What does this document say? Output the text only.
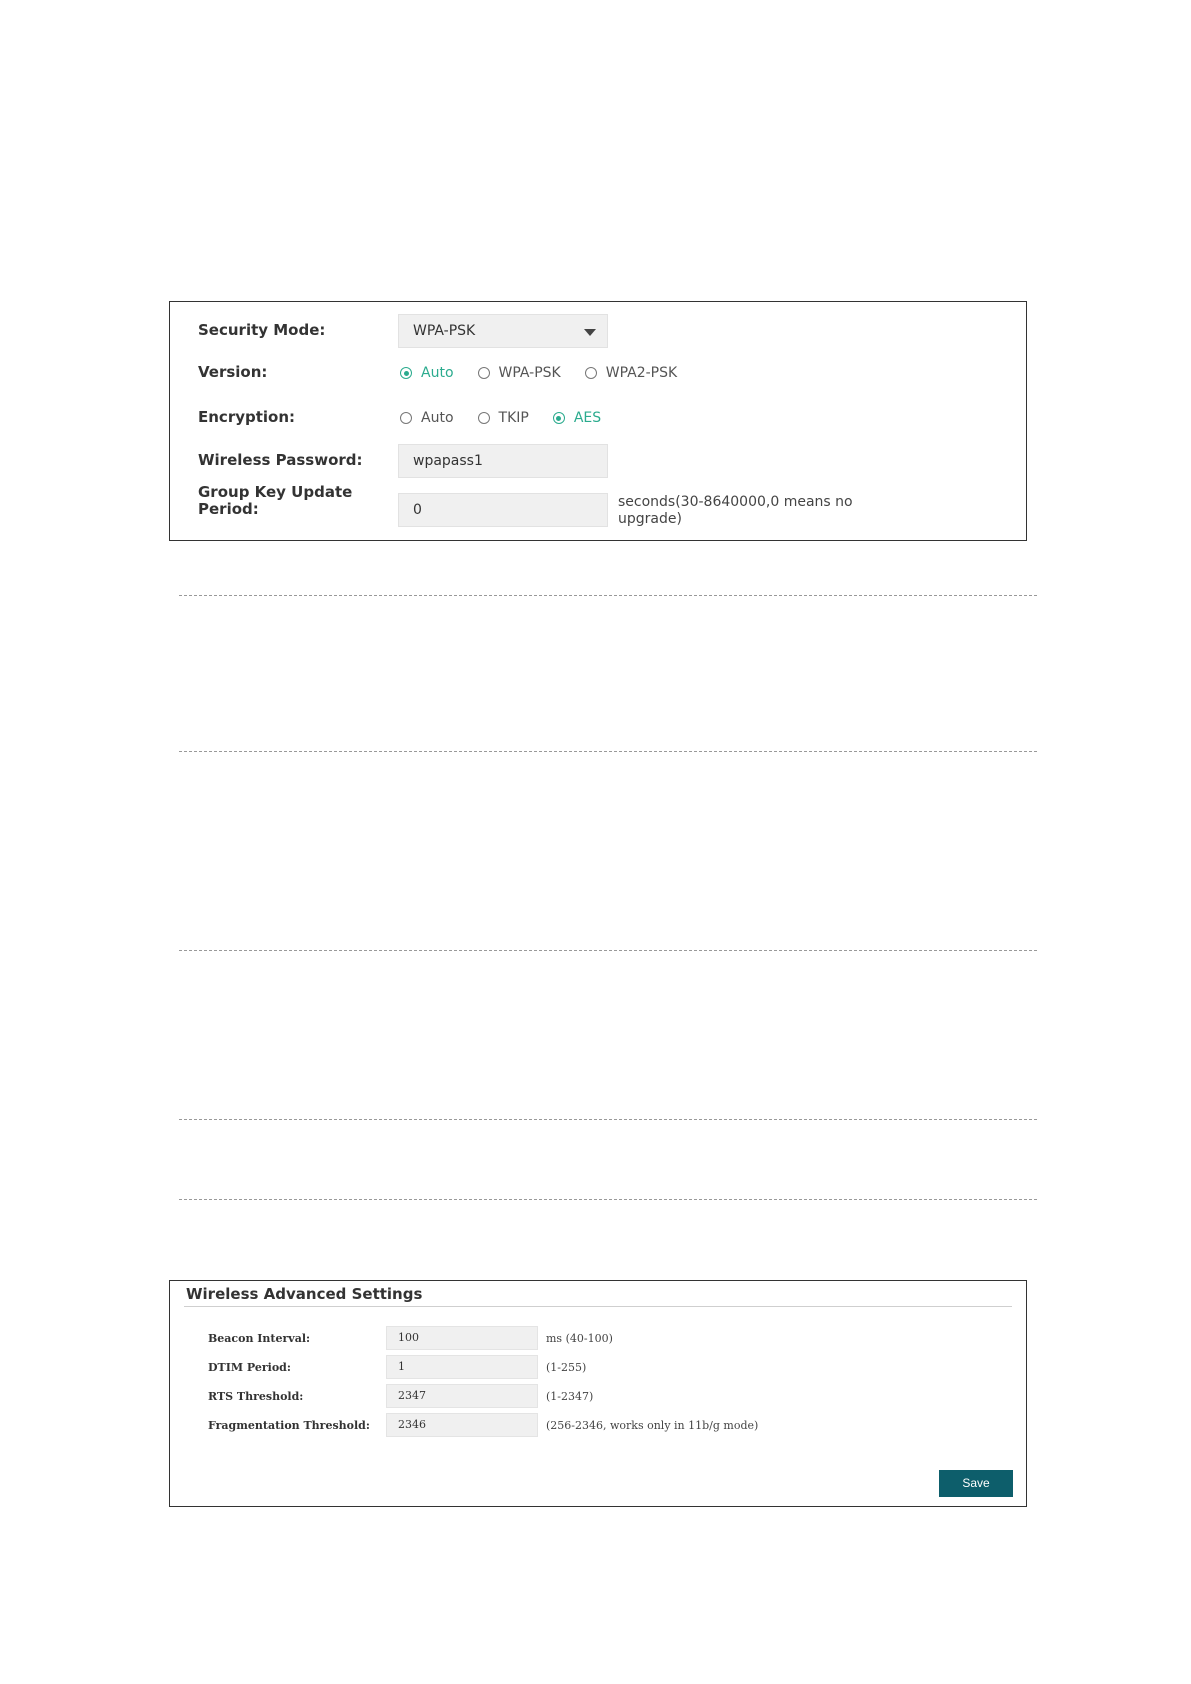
Security Mode:	WPA-PSK
Version:	Auto	WPA-PSK	WPA2-PSK
Encryption:	Auto	TKIP	AES
Wireless Password:	wpapass1
Group Key Update
Period:	0	seconds(30-8640000,0 means no
upgrade)
Wireless Advanced Settings
Beacon Interval:	100	ms (40-100)
DTIM Period:	1	(1-255)
RTS Threshold:	2347	(1-2347)
Fragmentation Threshold:	2346	(256-2346, works only in 11b/g mode)
Save
